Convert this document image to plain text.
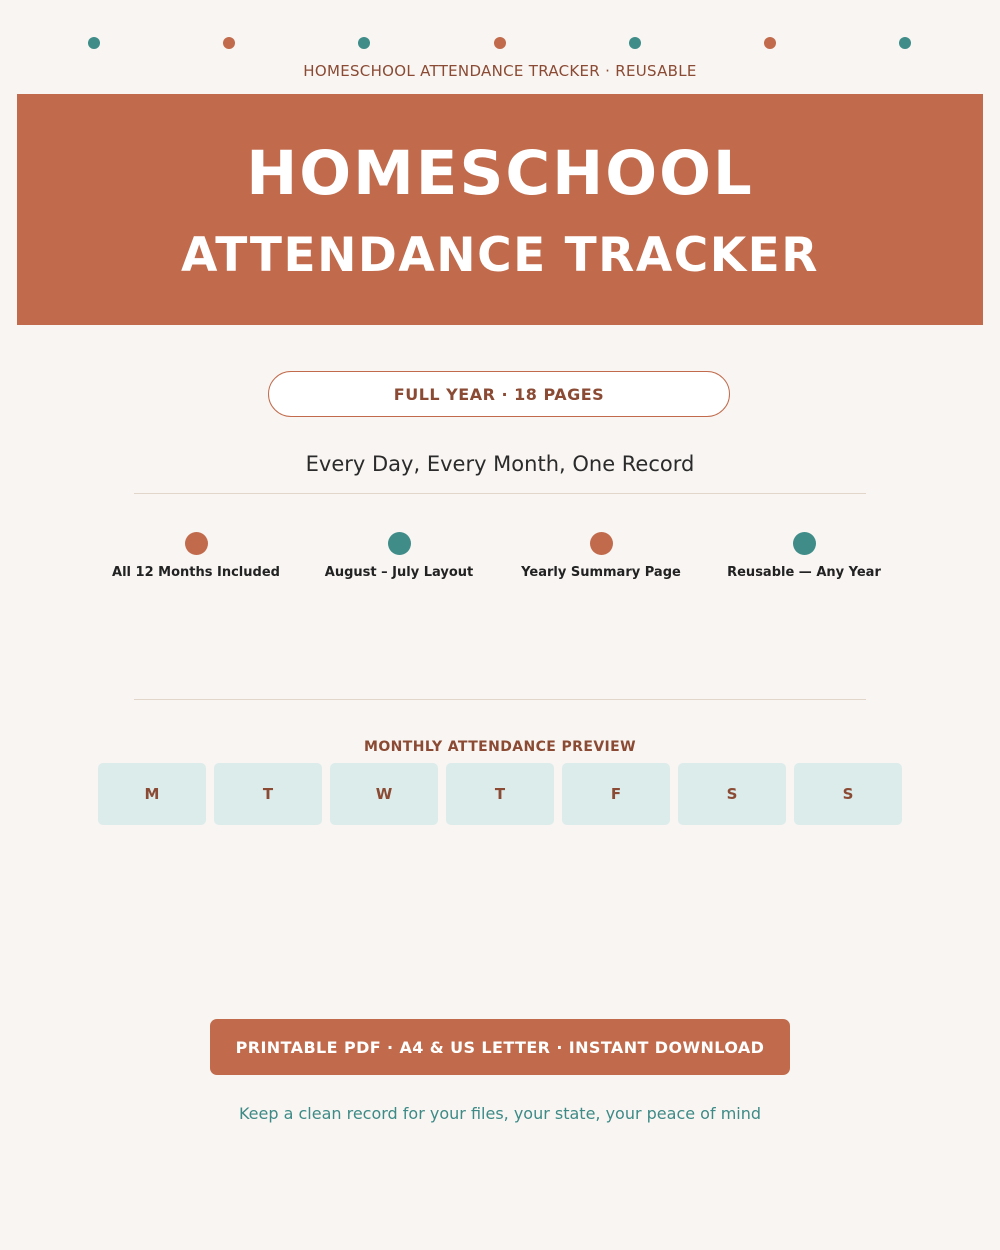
HOMESCHOOL ATTENDANCE TRACKER · REUSABLE
HOMESCHOOL
ATTENDANCE TRACKER
FULL YEAR · 18 PAGES
Every Day, Every Month, One Record
All 12 Months Included	August – July Layout	Yearly Summary Page	Reusable — Any Year
MONTHLY ATTENDANCE PREVIEW
M	T	W	T	F	S	S
PRINTABLE PDF · A4 & US LETTER · INSTANT DOWNLOAD
Keep a clean record for your files, your state, your peace of mind
